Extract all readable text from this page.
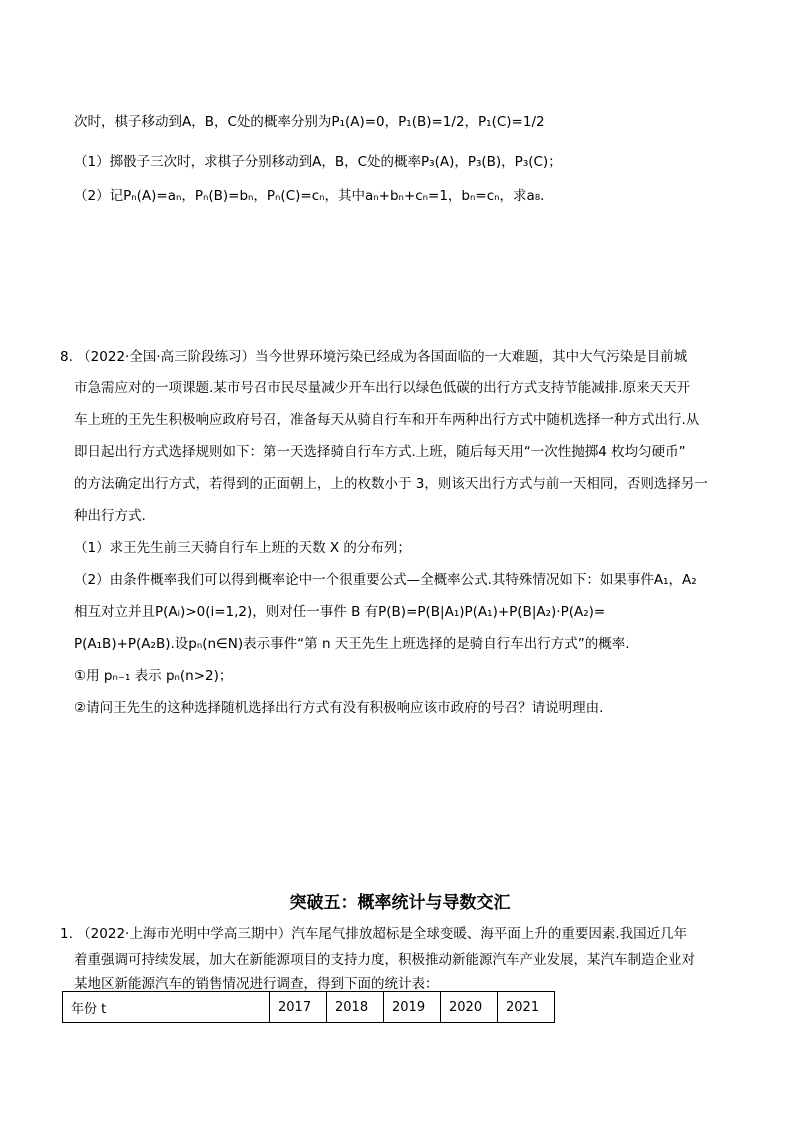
次时，棋子移动到A，B，C处的概率分别为P₁(A)=0，P₁(B)=1/2，P₁(C)=1/2
（1）掷骰子三次时，求棋子分别移动到A，B，C处的概率P₃(A)，P₃(B)，P₃(C)；
（2）记Pₙ(A)=aₙ，Pₙ(B)=bₙ，Pₙ(C)=cₙ，其中aₙ+bₙ+cₙ=1，bₙ=cₙ，求a₈.
8. （2022·全国·高三阶段练习）当今世界环境污染已经成为各国面临的一大难题，其中大气污染是目前城
市急需应对的一项课题.某市号召市民尽量减少开车出行以绿色低碳的出行方式支持节能减排.原来天天开
车上班的王先生积极响应政府号召，准备每天从骑自行车和开车两种出行方式中随机选择一种方式出行.从
即日起出行方式选择规则如下：第一天选择骑自行车方式.上班，随后每天用“一次性抛掷4 枚均匀硬币”
的方法确定出行方式，若得到的正面朝上，上的枚数小于 3，则该天出行方式与前一天相同，否则选择另一
种出行方式.
（1）求王先生前三天骑自行车上班的天数 X 的分布列；
（2）由条件概率我们可以得到概率论中一个很重要公式—全概率公式.其特殊情况如下：如果事件A₁，A₂
相互对立并且P(Aᵢ)>0(i=1,2)，则对任一事件 B 有P(B)=P(B|A₁)P(A₁)+P(B|A₂)·P(A₂)=
P(A₁B)+P(A₂B).设pₙ(n∈N)表示事件“第 n 天王先生上班选择的是骑自行车出行方式”的概率.
①用 pₙ₋₁ 表示 pₙ(n>2)；
②请问王先生的这种选择随机选择出行方式有没有积极响应该市政府的号召？请说明理由.
突破五：概率统计与导数交汇
1. （2022·上海市光明中学高三期中）汽车尾气排放超标是全球变暖、海平面上升的重要因素.我国近几年
着重强调可持续发展，加大在新能源项目的支持力度，积极推动新能源汽车产业发展，某汽车制造企业对
某地区新能源汽车的销售情况进行调查，得到下面的统计表：
年份 t	2017	2018	2019	2020	2021
